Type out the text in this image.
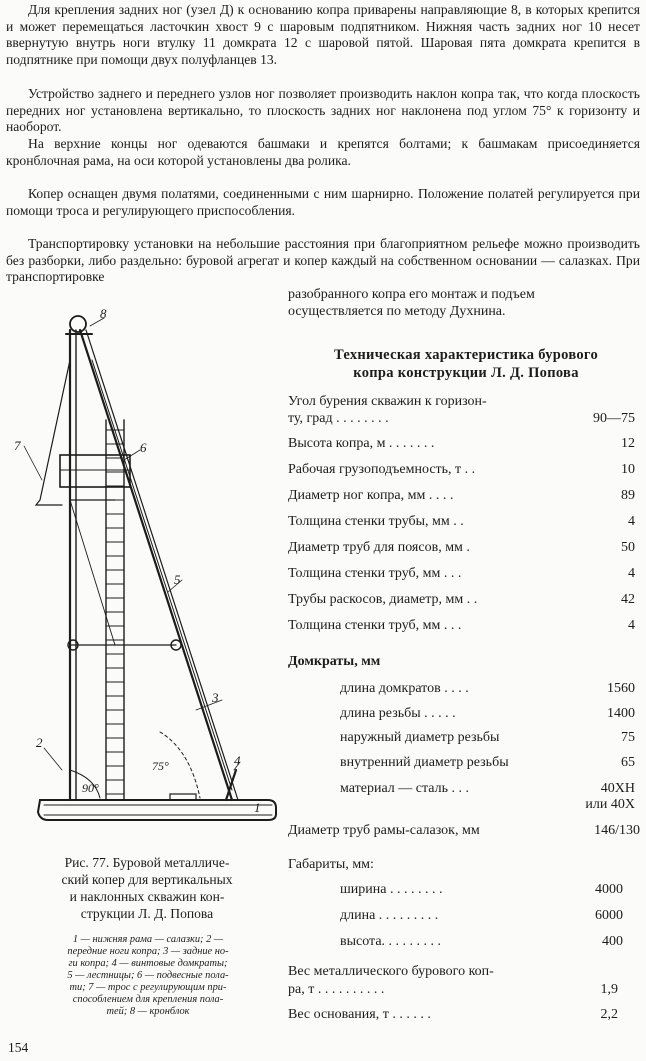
Для крепления задних ног (узел Д) к основанию копра приварены направляющие 8, в которых крепится и может перемещаться ласточкин хвост 9 с шаровым подпятником. Нижняя часть задних ног 10 несет ввернутую внутрь ноги втулку 11 домкрата 12 с шаровой пятой. Шаровая пята домкрата крепится в подпятнике при помощи двух полуфланцев 13.

Устройство заднего и переднего узлов ног позволяет производить наклон копра так, что когда плоскость передних ног установлена вертикально, то плоскость задних ног наклонена под углом 75° к горизонту и наоборот.

На верхние концы ног одеваются башмаки и крепятся болтами; к башмакам присоединяется кронблочная рама, на оси которой установлены два ролика.

Копер оснащен двумя полатями, соединенными с ним шарнирно. Положение полатей регулируется при помощи троса и регулирующего приспособления.

Транспортировку установки на небольшие расстояния при благоприятном рельефе можно производить без разборки, либо раздельно: буровой агрегат и копер каждый на собственном основании — салазках. При транспортировке

разобранного копра его монтаж и подъем
осуществляется по методу Духнина.
Техническая характеристика бурового
копра конструкции Л. Д. Попова
Угол бурения скважин к горизон-
ту, град . . . . . . . .	90—75
Высота копра, м . . . . . . .	12
Рабочая грузоподъемность, т . .	10
Диаметр ног копра, мм . . . .	89
Толщина стенки трубы, мм . .	4
Диаметр труб для поясов, мм .	50
Толщина стенки труб, мм . . .	4
Трубы раскосов, диаметр, мм . .	42
Толщина стенки труб, мм . . .	4
Домкраты, мм
длина домкратов . . . .	1560
длина резьбы . . . . .	1400
наружный диаметр резьбы	75
внутренний диаметр резьбы	65
материал — сталь . . .	40ХН
или 40Х
Диаметр труб рамы-салазок, мм	146/130
Габариты, мм:
ширина . . . . . . . .	4000
длина . . . . . . . . .	6000
высота. . . . . . . . .	400
Вес металлического бурового коп-
ра, т . . . . . . . . . .	1,9
Вес основания, т . . . . . .	2,2
8
7	6
5
3
2
4
1
90°
75°
Рис. 77. Буровой металличе-
ский копер для вертикальных
и наклонных скважин кон-
струкции Л. Д. Попова
1 — нижняя рама — салазки; 2 —
передние ноги копра; 3 — задние но-
ги копра; 4 — винтовые домкраты;
5 — лестницы; 6 — подвесные пола-
ти; 7 — трос с регулирующим при-
способлением для крепления пола-
тей; 8 — кронблок
154
